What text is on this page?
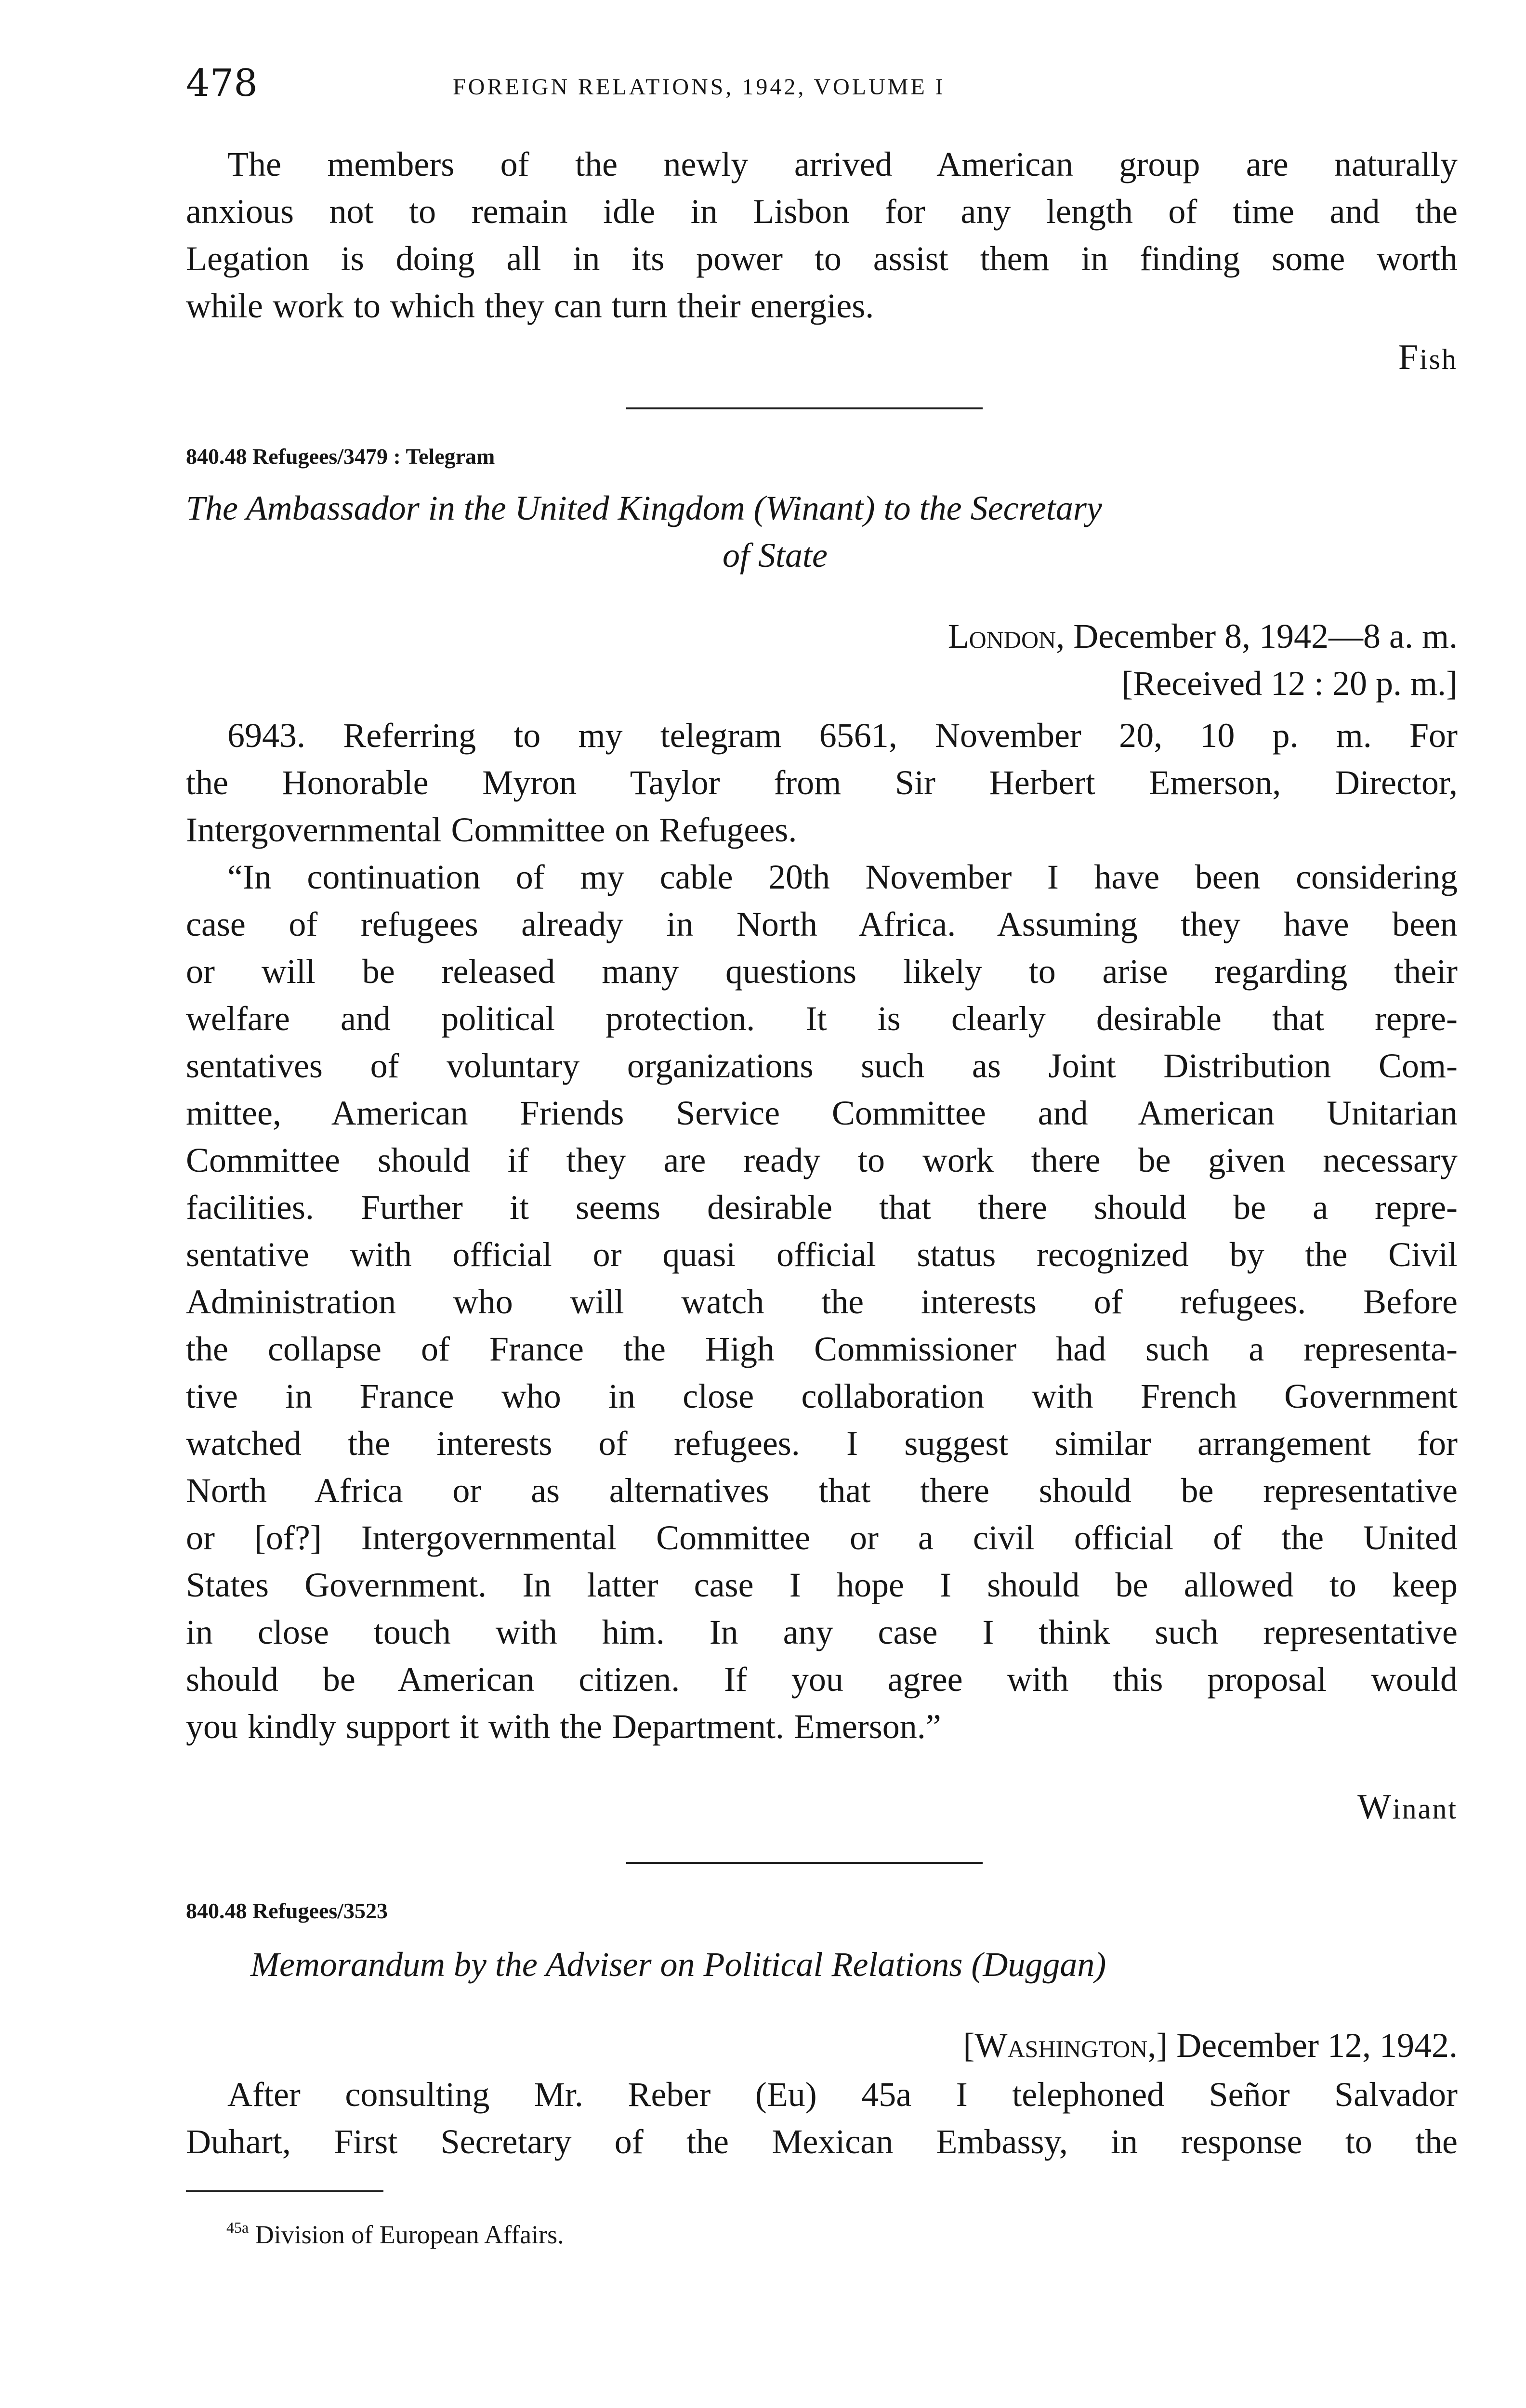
478	FOREIGN RELATIONS, 1942, VOLUME I
The members of the newly arrived American group are naturally
anxious not to remain idle in Lisbon for any length of time and the
Legation is doing all in its power to assist them in finding some worth
while work to which they can turn their energies.
Fish
840.48 Refugees/3479 : Telegram
The Ambassador in the United Kingdom (Winant) to the Secretary
of State
London, December 8, 1942—8 a. m.
[Received 12 : 20 p. m.]
6943. Referring to my telegram 6561, November 20, 10 p. m. For
the Honorable Myron Taylor from Sir Herbert Emerson, Director,
Intergovernmental Committee on Refugees.
“In continuation of my cable 20th November I have been considering
case of refugees already in North Africa. Assuming they have been
or will be released many questions likely to arise regarding their
welfare and political protection. It is clearly desirable that repre-
sentatives of voluntary organizations such as Joint Distribution Com-
mittee, American Friends Service Committee and American Unitarian
Committee should if they are ready to work there be given necessary
facilities. Further it seems desirable that there should be a repre-
sentative with official or quasi official status recognized by the Civil
Administration who will watch the interests of refugees. Before
the collapse of France the High Commissioner had such a representa-
tive in France who in close collaboration with French Government
watched the interests of refugees. I suggest similar arrangement for
North Africa or as alternatives that there should be representative
or [of?] Intergovernmental Committee or a civil official of the United
States Government. In latter case I hope I should be allowed to keep
in close touch with him. In any case I think such representative
should be American citizen. If you agree with this proposal would
you kindly support it with the Department. Emerson.”
Winant
840.48 Refugees/3523
Memorandum by the Adviser on Political Relations (Duggan)
[Washington,] December 12, 1942.
After consulting Mr. Reber (Eu) 45a I telephoned Señor Salvador
Duhart, First Secretary of the Mexican Embassy, in response to the
$^{45a}$ Division of European Affairs.
